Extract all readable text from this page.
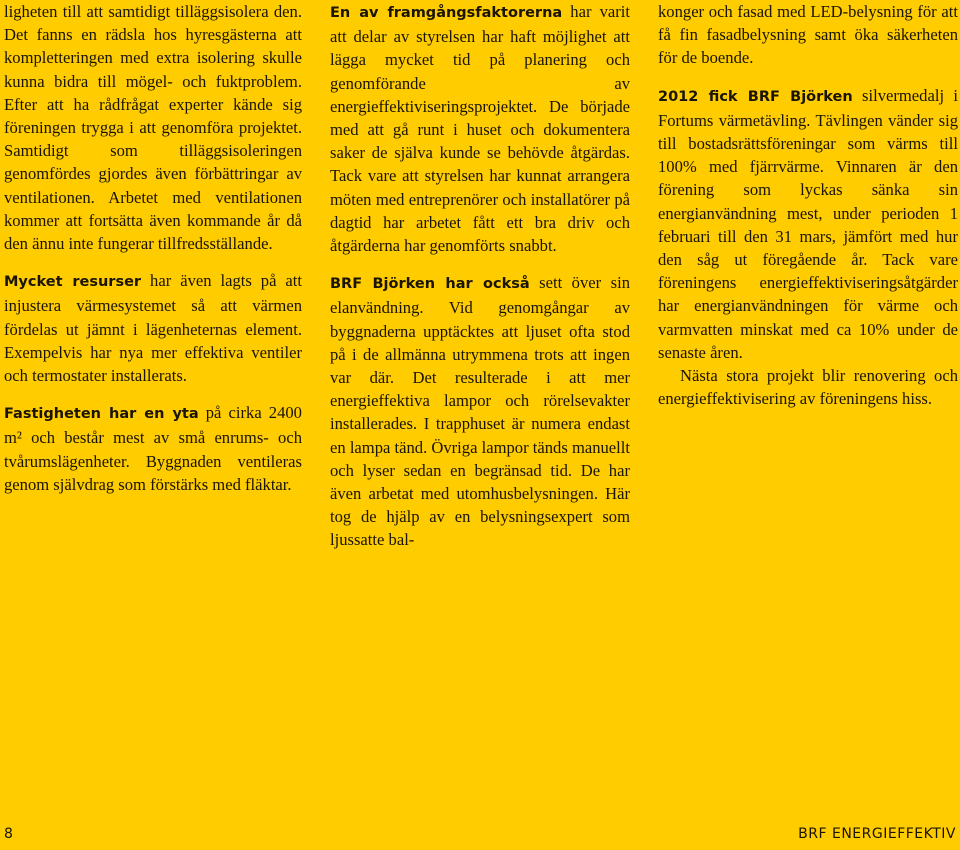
ligheten till att samtidigt tilläggsisolera den. Det fanns en rädsla hos hyresgästerna att kompletteringen med extra isolering skulle kunna bidra till mögel- och fuktproblem. Efter att ha rådfrågat experter kände sig föreningen trygga i att genomföra projektet. Samtidigt som tilläggsisoleringen genomfördes gjordes även förbättringar av ventilationen. Arbetet med ventilationen kommer att fortsätta även kommande år då den ännu inte fungerar tillfredsställande.

Mycket resurser har även lagts på att injustera värmesystemet så att värmen fördelas ut jämnt i lägenheternas element. Exempelvis har nya mer effektiva ventiler och termostater installerats.

Fastigheten har en yta på cirka 2400 m² och består mest av små enrums- och tvårumslägenheter. Byggnaden ventileras genom självdrag som förstärks med fläktar.

En av framgångsfaktorerna har varit att delar av styrelsen har haft möjlighet att lägga mycket tid på planering och genomförande av energieffektiviseringsprojektet. De började med att gå runt i huset och dokumentera saker de själva kunde se behövde åtgärdas. Tack vare att styrelsen har kunnat arrangera möten med entreprenörer och installatörer på dagtid har arbetet fått ett bra driv och åtgärderna har genomförts snabbt.

BRF Björken har också sett över sin elanvändning. Vid genomgångar av byggnaderna upptäcktes att ljuset ofta stod på i de allmänna utrymmena trots att ingen var där. Det resulterade i att mer energieffektiva lampor och rörelsevakter installerades. I trapphuset är numera endast en lampa tänd. Övriga lampor tänds manuellt och lyser sedan en begränsad tid. De har även arbetat med utomhusbelysningen. Här tog de hjälp av en belysningsexpert som ljussatte bal-

konger och fasad med LED-belysning för att få fin fasadbelysning samt öka säkerheten för de boende.

2012 fick BRF Björken silvermedalj i Fortums värmetävling. Tävlingen vänder sig till bostadsrättsföreningar som värms till 100% med fjärrvärme. Vinnaren är den förening som lyckas sänka sin energianvändning mest, under perioden 1 februari till den 31 mars, jämfört med hur den såg ut föregående år. Tack vare föreningens energieffektiviseringsåtgärder har energianvändningen för värme och varmvatten minskat med ca 10% under de senaste åren.

Nästa stora projekt blir renovering och energieffektivisering av föreningens hiss.

8	BRF ENERGIEFFEKTIV
